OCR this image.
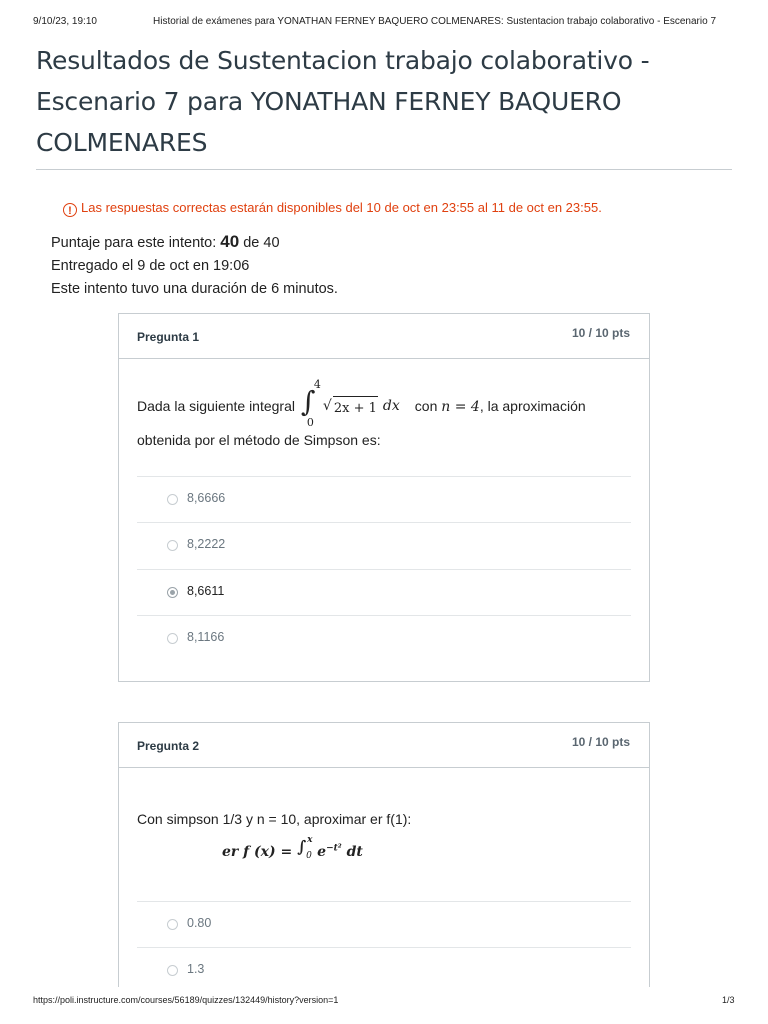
9/10/23, 19:10	Historial de exámenes para YONATHAN FERNEY BAQUERO COLMENARES: Sustentacion trabajo colaborativo - Escenario 7
Resultados de Sustentacion trabajo colaborativo -
Escenario 7 para YONATHAN FERNEY BAQUERO
COLMENARES
! Las respuestas correctas estarán disponibles del 10 de oct en 23:55 al 11 de oct en 23:55.
Puntaje para este intento: 40 de 40
Entregado el 9 de oct en 19:06
Este intento tuvo una duración de 6 minutos.
Pregunta 1	10 / 10 pts
Dada la siguiente integral ∫
4
0
√ 2x + 1 dx con n = 4, la aproximación
obtenida por el método de Simpson es:
8,6666
8,2222
8,6611
8,1166
Pregunta 2	10 / 10 pts
Con simpson 1/3 y n = 10, aproximar er f(1):
er f (x) = ∫ x
0 $e^{-t^2}$ dt
0.80
1.3
https://poli.instructure.com/courses/56189/quizzes/132449/history?version=1	1/3
